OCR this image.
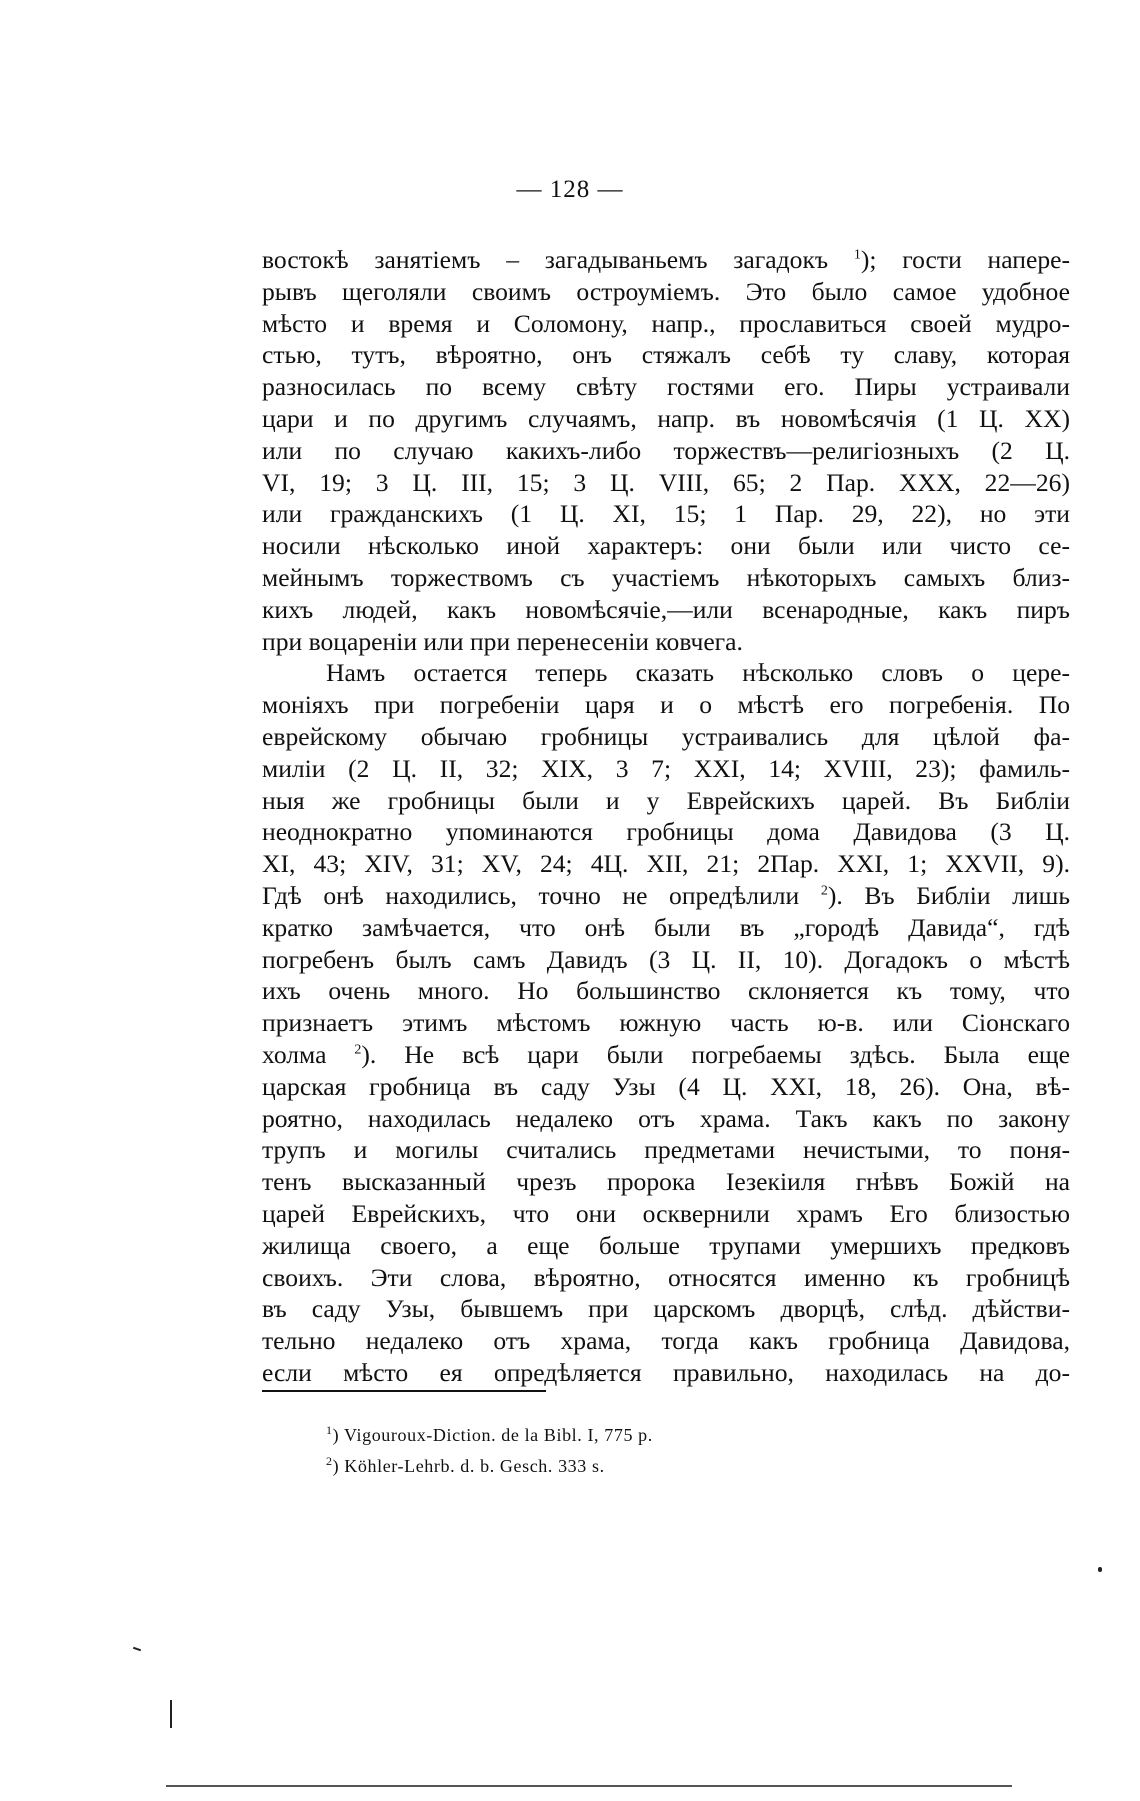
— 128 —
востокѣ занятіемъ – загадываньемъ загадокъ $^1$); гости напере-
рывъ щеголяли своимъ остроуміемъ. Это было самое удобное
мѣсто и время и Соломону, напр., прославиться своей мудро-
стью, тутъ, вѣроятно, онъ стяжалъ себѣ ту славу, которая
разносилась по всему свѣту гостями его. Пиры устраивали
цари и по другимъ случаямъ, напр. въ новомѣсячія (1 Ц. XX)
или по случаю какихъ-либо торжествъ—религіозныхъ (2 Ц.
VI, 19; 3 Ц. III, 15; 3 Ц. VIII, 65; 2 Пар. XXX, 22—26)
или гражданскихъ (1 Ц. XI, 15; 1 Пар. 29, 22), но эти
носили нѣсколько иной характеръ: они были или чисто се-
мейнымъ торжествомъ съ участіемъ нѣкоторыхъ самыхъ близ-
кихъ людей, какъ новомѣсячіе,—или всенародные, какъ пиръ
при воцареніи или при перенесеніи ковчега.
Намъ остается теперь сказать нѣсколько словъ о цере-
моніяхъ при погребеніи царя и о мѣстѣ его погребенія. По
еврейскому обычаю гробницы устраивались для цѣлой фа-
миліи (2 Ц. II, 32; XIX, 3 7; XXI, 14; XVIII, 23); фамиль-
ныя же гробницы были и у Еврейскихъ царей. Въ Библіи
неоднократно упоминаются гробницы дома Давидова (3 Ц.
XI, 43; XIV, 31; XV, 24; 4Ц. XII, 21; 2Пар. XXI, 1; XXVII, 9).
Гдѣ онѣ находились, точно не опредѣлили $^2$). Въ Библіи лишь
кратко замѣчается, что онѣ были въ „городѣ Давида“, гдѣ
погребенъ былъ самъ Давидъ (3 Ц. II, 10). Догадокъ о мѣстѣ
ихъ очень много. Но большинство склоняется къ тому, что
признаетъ этимъ мѣстомъ южную часть ю-в. или Сіонскаго
холма $^2$). Не всѣ цари были погребаемы здѣсь. Была еще
царская гробница въ саду Узы (4 Ц. XXI, 18, 26). Она, вѣ-
роятно, находилась недалеко отъ храма. Такъ какъ по закону
трупъ и могилы считались предметами нечистыми, то поня-
тенъ высказанный чрезъ пророка Іезекіиля гнѣвъ Божій на
царей Еврейскихъ, что они осквернили храмъ Его близостью
жилища своего, а еще больше трупами умершихъ предковъ
своихъ. Эти слова, вѣроятно, относятся именно къ гробницѣ
въ саду Узы, бывшемъ при царскомъ дворцѣ, слѣд. дѣйстви-
тельно недалеко отъ храма, тогда какъ гробница Давидова,
если мѣсто ея опредѣляется правильно, находилась на до-
$^1$) Vigouroux-Diction. de la Bibl. I, 775 p.
$^2$) Köhler-Lehrb. d. b. Gesch. 333 s.
